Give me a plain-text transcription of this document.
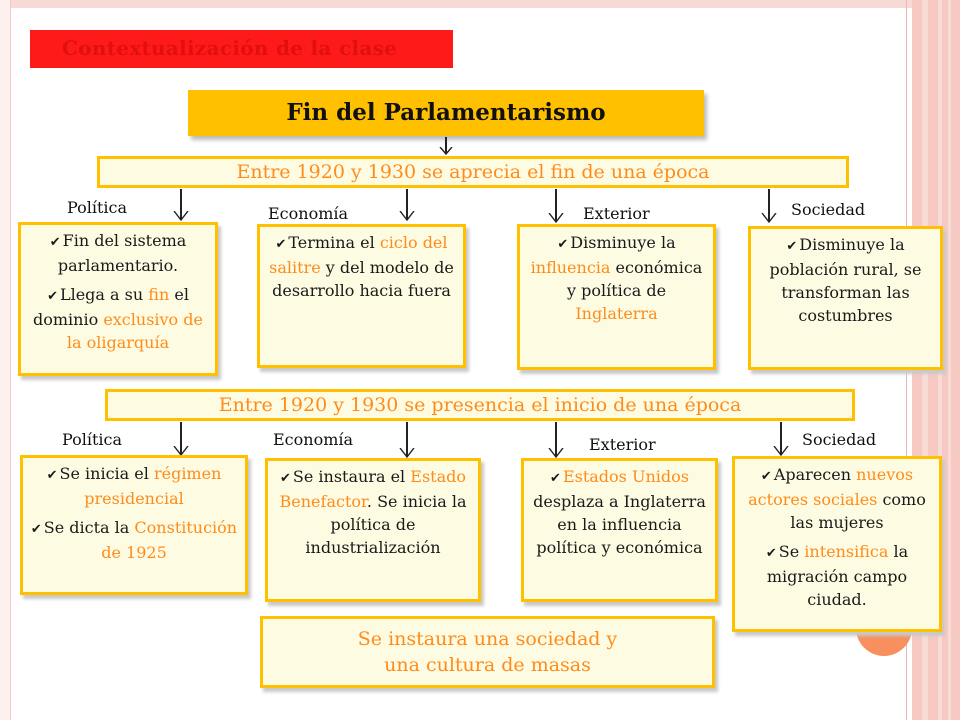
Contextualización de la clase
Fin del Parlamentarismo
Entre 1920 y 1930 se aprecia el fin de una época
Política	Economía	Exterior	Sociedad

✔ Fin del sistema parlamentario.

✔ Llega a su fin el dominio exclusivo de la oligarquía

✔ Termina el ciclo del salitre y del modelo de desarrollo hacia fuera

✔ Disminuye la influencia económica y política de Inglaterra

✔ Disminuye la población rural, se transforman las costumbres

Entre 1920 y 1930 se presencia el inicio de una época
Política	Economía	Exterior	Sociedad

✔ Se inicia el régimen presidencial

✔ Se dicta la Constitución de 1925

✔ Se instaura el Estado Benefactor. Se inicia la política de industrialización

✔ Estados Unidos desplaza a Inglaterra en la influencia política y económica

✔ Aparecen nuevos actores sociales como las mujeres

✔ Se intensifica la migración campo ciudad.

Se instaura una sociedad y
una cultura de masas
